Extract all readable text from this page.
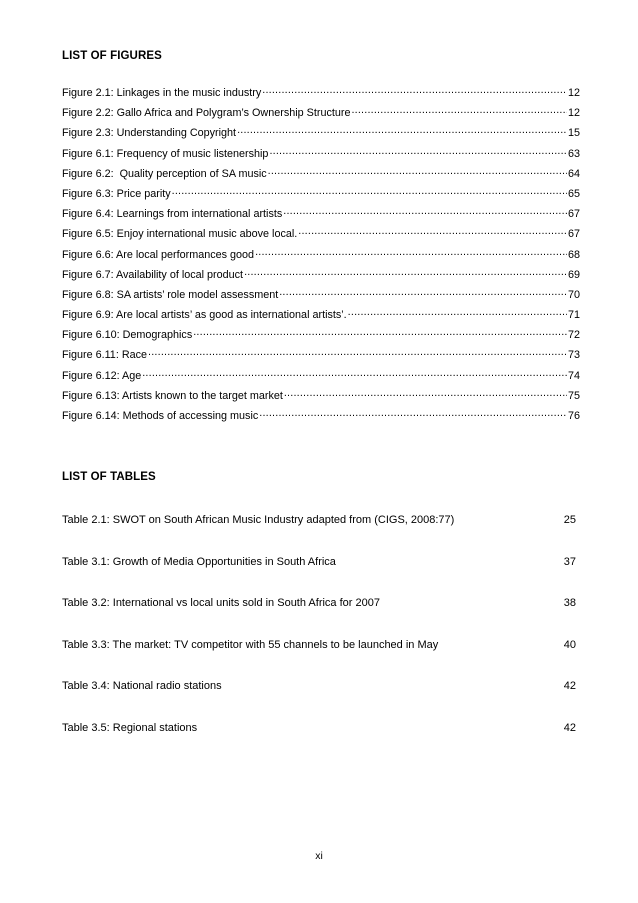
LIST OF FIGURES
Figure 2.1: Linkages in the music industry .....	12
Figure 2.2: Gallo Africa and Polygram’s Ownership Structure .....	12
Figure 2.3: Understanding Copyright .....	15
Figure 6.1: Frequency of music listenership .....	63
Figure 6.2:  Quality perception of SA music .....	64
Figure 6.3: Price parity .....	65
Figure 6.4: Learnings from international artists .....	67
Figure 6.5: Enjoy international music above local. .....	67
Figure 6.6: Are local performances good .....	68
Figure 6.7: Availability of local product .....	69
Figure 6.8: SA artists’ role model assessment .....	70
Figure 6.9: Are local artists’ as good as international artists’. .....	71
Figure 6.10: Demographics .....	72
Figure 6.11: Race .....	73
Figure 6.12: Age .....	74
Figure 6.13: Artists known to the target market .....	75
Figure 6.14: Methods of accessing music .....	76
LIST OF TABLES
Table 2.1: SWOT on South African Music Industry adapted from (CIGS, 2008:77)	25
Table 3.1: Growth of Media Opportunities in South Africa	37
Table 3.2: International vs local units sold in South Africa for 2007	38
Table 3.3: The market: TV competitor with 55 channels to be launched in May	40
Table 3.4: National radio stations	42
Table 3.5: Regional stations	42
xi
